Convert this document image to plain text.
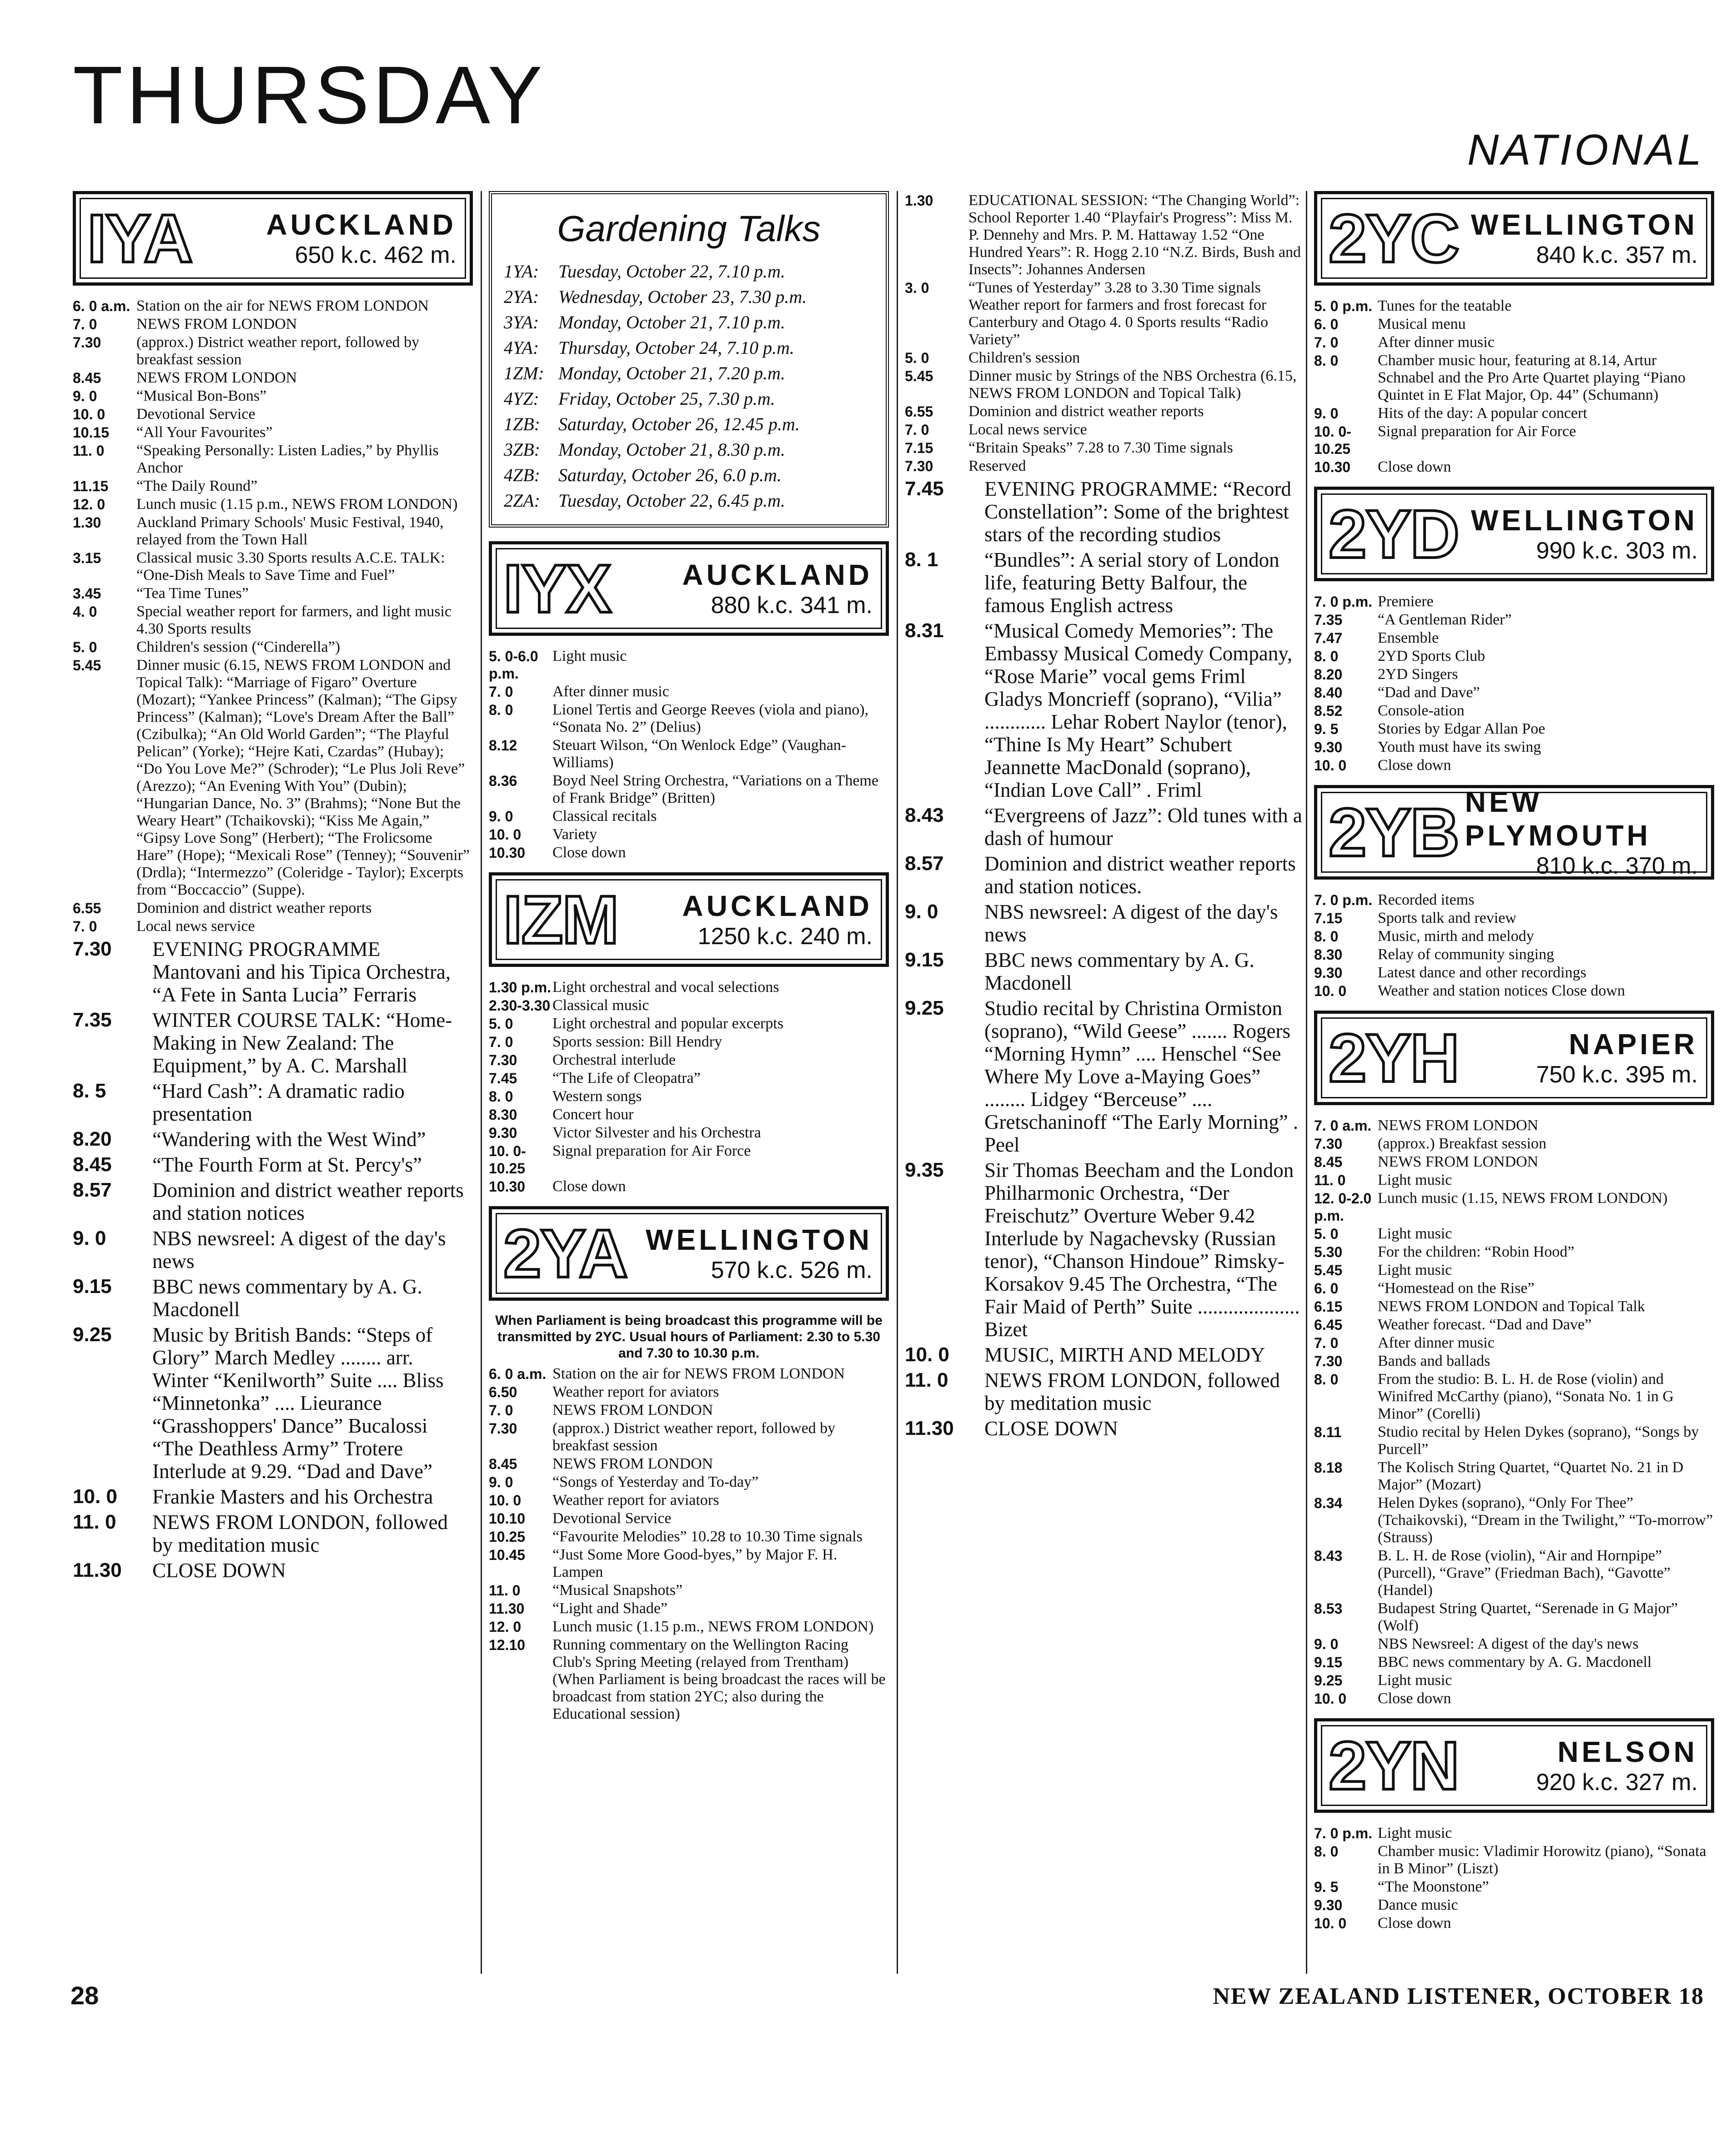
THURSDAY
NATIONAL
IYA	AUCKLAND
650 k.c. 462 m.
6. 0 a.m. Station on the air for NEWS FROM LONDON
7. 0	NEWS FROM LONDON
7.30	(approx.) District weather report, followed by breakfast session
8.45	NEWS FROM LONDON
9. 0	“Musical Bon-Bons”
10. 0	Devotional Service
10.15	“All Your Favourites”
11. 0	“Speaking Personally: Listen Ladies,” by Phyllis Anchor
11.15	“The Daily Round”
12. 0	Lunch music (1.15 p.m., NEWS FROM LONDON)
1.30	Auckland Primary Schools' Music Festival, 1940, relayed from the Town Hall
3.15	Classical music 3.30 Sports results A.C.E. TALK: “One-Dish Meals to Save Time and Fuel”
3.45	“Tea Time Tunes”
4. 0	Special weather report for farmers, and light music 4.30 Sports results
5. 0	Children's session (“Cinderella”)
5.45	Dinner music (6.15, NEWS FROM LONDON and Topical Talk): “Marriage of Figaro” Overture (Mozart); “Yankee Princess” (Kalman); “The Gipsy Princess” (Kalman); “Love's Dream After the Ball” (Czibulka); “An Old World Garden”; “The Playful Pelican” (Yorke); “Hejre Kati, Czardas” (Hubay); “Do You Love Me?” (Schroder); “Le Plus Joli Reve” (Arezzo); “An Evening With You” (Dubin); “Hungarian Dance, No. 3” (Brahms); “None But the Weary Heart” (Tchaikovski); “Kiss Me Again,” “Gipsy Love Song” (Herbert); “The Frolicsome Hare” (Hope); “Mexicali Rose” (Tenney); “Souvenir” (Drdla); “Intermezzo” (Coleridge - Taylor); Excerpts from “Boccaccio” (Suppe).
6.55	Dominion and district weather reports
7. 0	Local news service
7.30	EVENING PROGRAMME Mantovani and his Tipica Orchestra, “A Fete in Santa Lucia” Ferraris
7.35	WINTER COURSE TALK: “Home-Making in New Zealand: The Equipment,” by A. C. Marshall
8. 5	“Hard Cash”: A dramatic radio presentation
8.20	“Wandering with the West Wind”
8.45	“The Fourth Form at St. Percy's”
8.57	Dominion and district weather reports and station notices
9. 0	NBS newsreel: A digest of the day's news
9.15	BBC news commentary by A. G. Macdonell
9.25	Music by British Bands: “Steps of Glory” March Medley ........ arr. Winter “Kenilworth” Suite .... Bliss “Minnetonka” .... Lieurance “Grasshoppers' Dance” Bucalossi “The Deathless Army” Trotere Interlude at 9.29. “Dad and Dave”
10. 0	Frankie Masters and his Orchestra
11. 0	NEWS FROM LONDON, followed by meditation music
11.30	CLOSE DOWN
Gardening Talks
1YA:	Tuesday, October 22, 7.10 p.m.
2YA:	Wednesday, October 23, 7.30 p.m.
3YA:	Monday, October 21, 7.10 p.m.
4YA:	Thursday, October 24, 7.10 p.m.
1ZM: Monday, October 21, 7.20 p.m.
4YZ:	Friday, October 25, 7.30 p.m.
1ZB:	Saturday, October 26, 12.45 p.m.
3ZB:	Monday, October 21, 8.30 p.m.
4ZB:	Saturday, October 26, 6.0 p.m.
2ZA:	Tuesday, October 22, 6.45 p.m.
IYX AUCKLAND
880 k.c. 341 m.
5. 0-6.0 p.m.
Light music
7. 0	After dinner music
8. 0	Lionel Tertis and George Reeves (viola and piano), “Sonata No. 2” (Delius)
8.12	Steuart Wilson, “On Wenlock Edge” (Vaughan-Williams)
8.36	Boyd Neel String Orchestra, “Variations on a Theme of Frank Bridge” (Britten)
9. 0	Classical recitals
10. 0	Variety
10.30	Close down
IZM AUCKLAND
1250 k.c. 240 m.
1.30 p.m. Light orchestral and vocal selections
2.30-3.30 Classical music
5. 0	Light orchestral and popular excerpts
7. 0	Sports session: Bill Hendry
7.30	Orchestral interlude
7.45	“The Life of Cleopatra”
8. 0	Western songs
8.30	Concert hour
9.30	Victor Silvester and his Orchestra
10. 0-10.25
Signal preparation for Air Force
10.30	Close down
2YA WELLINGTON
570 k.c. 526 m.
When Parliament is being broadcast this programme will be transmitted by 2YC. Usual hours of Parliament: 2.30 to 5.30 and 7.30 to 10.30 p.m.
6. 0 a.m. Station on the air for NEWS FROM LONDON
6.50	Weather report for aviators
7. 0	NEWS FROM LONDON
7.30	(approx.) District weather report, followed by breakfast session
8.45	NEWS FROM LONDON
9. 0	“Songs of Yesterday and To-day”
10. 0	Weather report for aviators
10.10	Devotional Service
10.25	“Favourite Melodies” 10.28 to 10.30 Time signals
10.45	“Just Some More Good-byes,” by Major F. H. Lampen
11. 0	“Musical Snapshots”
11.30	“Light and Shade”
12. 0	Lunch music (1.15 p.m., NEWS FROM LONDON)
12.10	Running commentary on the Wellington Racing Club's Spring Meeting (relayed from Trentham) (When Parliament is being broadcast the races will be broadcast from station 2YC; also during the Educational session)
1.30	EDUCATIONAL SESSION: “The Changing World”: School Reporter 1.40 “Playfair's Progress”: Miss M. P. Dennehy and Mrs. P. M. Hattaway 1.52 “One Hundred Years”: R. Hogg 2.10 “N.Z. Birds, Bush and Insects”: Johannes Andersen
3. 0	“Tunes of Yesterday” 3.28 to 3.30 Time signals Weather report for farmers and frost forecast for Canterbury and Otago 4. 0 Sports results “Radio Variety”
5. 0	Children's session
5.45	Dinner music by Strings of the NBS Orchestra (6.15, NEWS FROM LONDON and Topical Talk)
6.55	Dominion and district weather reports
7. 0	Local news service
7.15	“Britain Speaks” 7.28 to 7.30 Time signals
7.30	Reserved
7.45	EVENING PROGRAMME: “Record Constellation”: Some of the brightest stars of the recording studios
8. 1	“Bundles”: A serial story of London life, featuring Betty Balfour, the famous English actress
8.31	“Musical Comedy Memories”: The Embassy Musical Comedy Company, “Rose Marie” vocal gems Friml Gladys Moncrieff (soprano), “Vilia” ............ Lehar Robert Naylor (tenor), “Thine Is My Heart” Schubert Jeannette MacDonald (soprano), “Indian Love Call” . Friml
8.43	“Evergreens of Jazz”: Old tunes with a dash of humour
8.57	Dominion and district weather reports and station notices.
9. 0	NBS newsreel: A digest of the day's news
9.15	BBC news commentary by A. G. Macdonell
9.25	Studio recital by Christina Ormiston (soprano), “Wild Geese” ....... Rogers “Morning Hymn” .... Henschel “See Where My Love a-Maying Goes” ........ Lidgey “Berceuse” .... Gretschaninoff “The Early Morning” . Peel
9.35	Sir Thomas Beecham and the London Philharmonic Orchestra, “Der Freischutz” Overture Weber 9.42 Interlude by Nagachevsky (Russian tenor), “Chanson Hindoue” Rimsky-Korsakov 9.45 The Orchestra, “The Fair Maid of Perth” Suite .................... Bizet
10. 0	MUSIC, MIRTH AND MELODY
11. 0	NEWS FROM LONDON, followed by meditation music
11.30	CLOSE DOWN
2YC WELLINGTON
840 k.c. 357 m.
5. 0 p.m. Tunes for the teatable
6. 0	Musical menu
7. 0	After dinner music
8. 0	Chamber music hour, featuring at 8.14, Artur Schnabel and the Pro Arte Quartet playing “Piano Quintet in E Flat Major, Op. 44” (Schumann)
9. 0	Hits of the day: A popular concert
10. 0-10.25
Signal preparation for Air Force
10.30	Close down
2YD WELLINGTON
990 k.c. 303 m.
7. 0 p.m. Premiere
7.35	“A Gentleman Rider”
7.47	Ensemble
8. 0	2YD Sports Club
8.20	2YD Singers
8.40	“Dad and Dave”
8.52	Console-ation
9. 5	Stories by Edgar Allan Poe
9.30	Youth must have its swing
10. 0	Close down
2YB NEW PLYMOUTH
810 k.c. 370 m.
7. 0 p.m. Recorded items
7.15	Sports talk and review
8. 0	Music, mirth and melody
8.30	Relay of community singing
9.30	Latest dance and other recordings
10. 0	Weather and station notices Close down
2YH	NAPIER
750 k.c. 395 m.
7. 0 a.m. NEWS FROM LONDON
7.30	(approx.) Breakfast session
8.45	NEWS FROM LONDON
11. 0	Light music
12. 0-2.0 p.m.
Lunch music (1.15, NEWS FROM LONDON)
5. 0	Light music
5.30	For the children: “Robin Hood”
5.45	Light music
6. 0	“Homestead on the Rise”
6.15	NEWS FROM LONDON and Topical Talk
6.45	Weather forecast. “Dad and Dave”
7. 0	After dinner music
7.30	Bands and ballads
8. 0	From the studio: B. L. H. de Rose (violin) and Winifred McCarthy (piano), “Sonata No. 1 in G Minor” (Corelli)
8.11	Studio recital by Helen Dykes (soprano), “Songs by Purcell”
8.18	The Kolisch String Quartet, “Quartet No. 21 in D Major” (Mozart)
8.34	Helen Dykes (soprano), “Only For Thee” (Tchaikovski), “Dream in the Twilight,” “To-morrow” (Strauss)
8.43	B. L. H. de Rose (violin), “Air and Hornpipe” (Purcell), “Grave” (Friedman Bach), “Gavotte” (Handel)
8.53	Budapest String Quartet, “Serenade in G Major” (Wolf)
9. 0	NBS Newsreel: A digest of the day's news
9.15	BBC news commentary by A. G. Macdonell
9.25	Light music
10. 0	Close down
2YN	NELSON
920 k.c. 327 m.
7. 0 p.m. Light music
8. 0	Chamber music: Vladimir Horowitz (piano), “Sonata in B Minor” (Liszt)
9. 5	“The Moonstone”
9.30	Dance music
10. 0	Close down
28	NEW ZEALAND LISTENER, OCTOBER 18
